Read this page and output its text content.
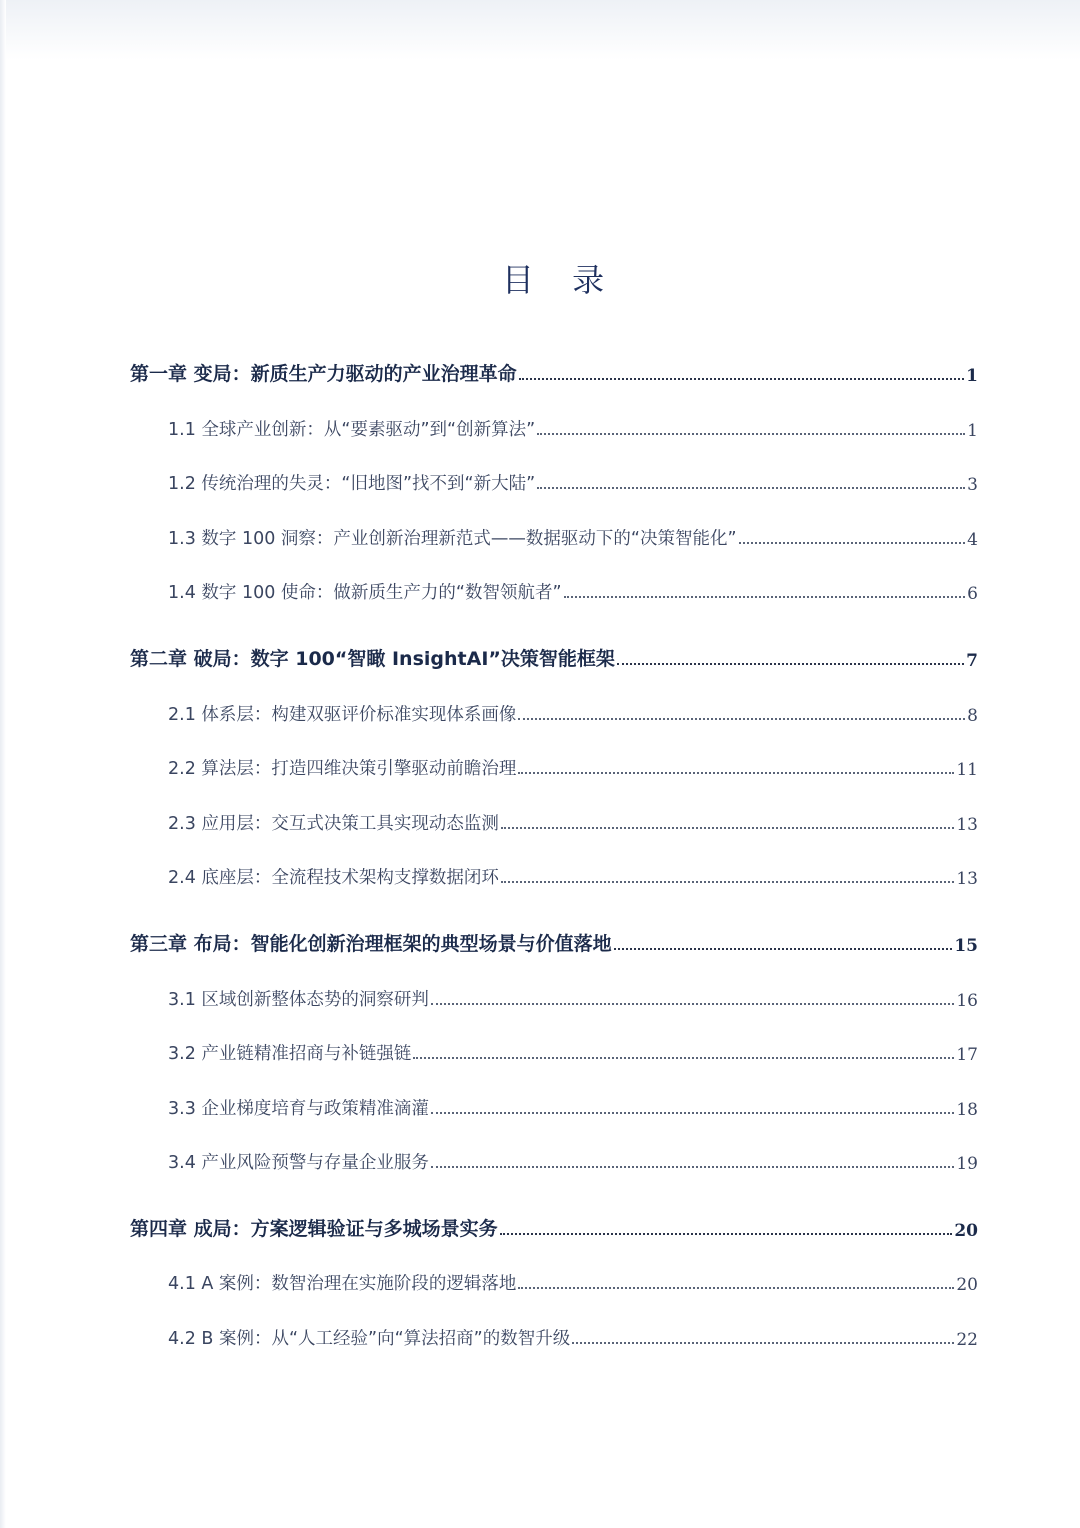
目 录
第一章 变局：新质生产力驱动的产业治理革命	1
1.1 全球产业创新：从“要素驱动”到“创新算法”	1
1.2 传统治理的失灵：“旧地图”找不到“新大陆”	3
1.3 数字 100 洞察：产业创新治理新范式——数据驱动下的“决策智能化”	4
1.4 数字 100 使命：做新质生产力的“数智领航者”	6
第二章 破局：数字 100“智瞰 InsightAI”决策智能框架	7
2.1 体系层：构建双驱评价标准实现体系画像	8
2.2 算法层：打造四维决策引擎驱动前瞻治理	11
2.3 应用层：交互式决策工具实现动态监测	13
2.4 底座层：全流程技术架构支撑数据闭环	13
第三章 布局：智能化创新治理框架的典型场景与价值落地	15
3.1 区域创新整体态势的洞察研判	16
3.2 产业链精准招商与补链强链	17
3.3 企业梯度培育与政策精准滴灌	18
3.4 产业风险预警与存量企业服务	19
第四章 成局：方案逻辑验证与多城场景实务	20
4.1 A 案例：数智治理在实施阶段的逻辑落地	20
4.2 B 案例：从“人工经验”向“算法招商”的数智升级	22
